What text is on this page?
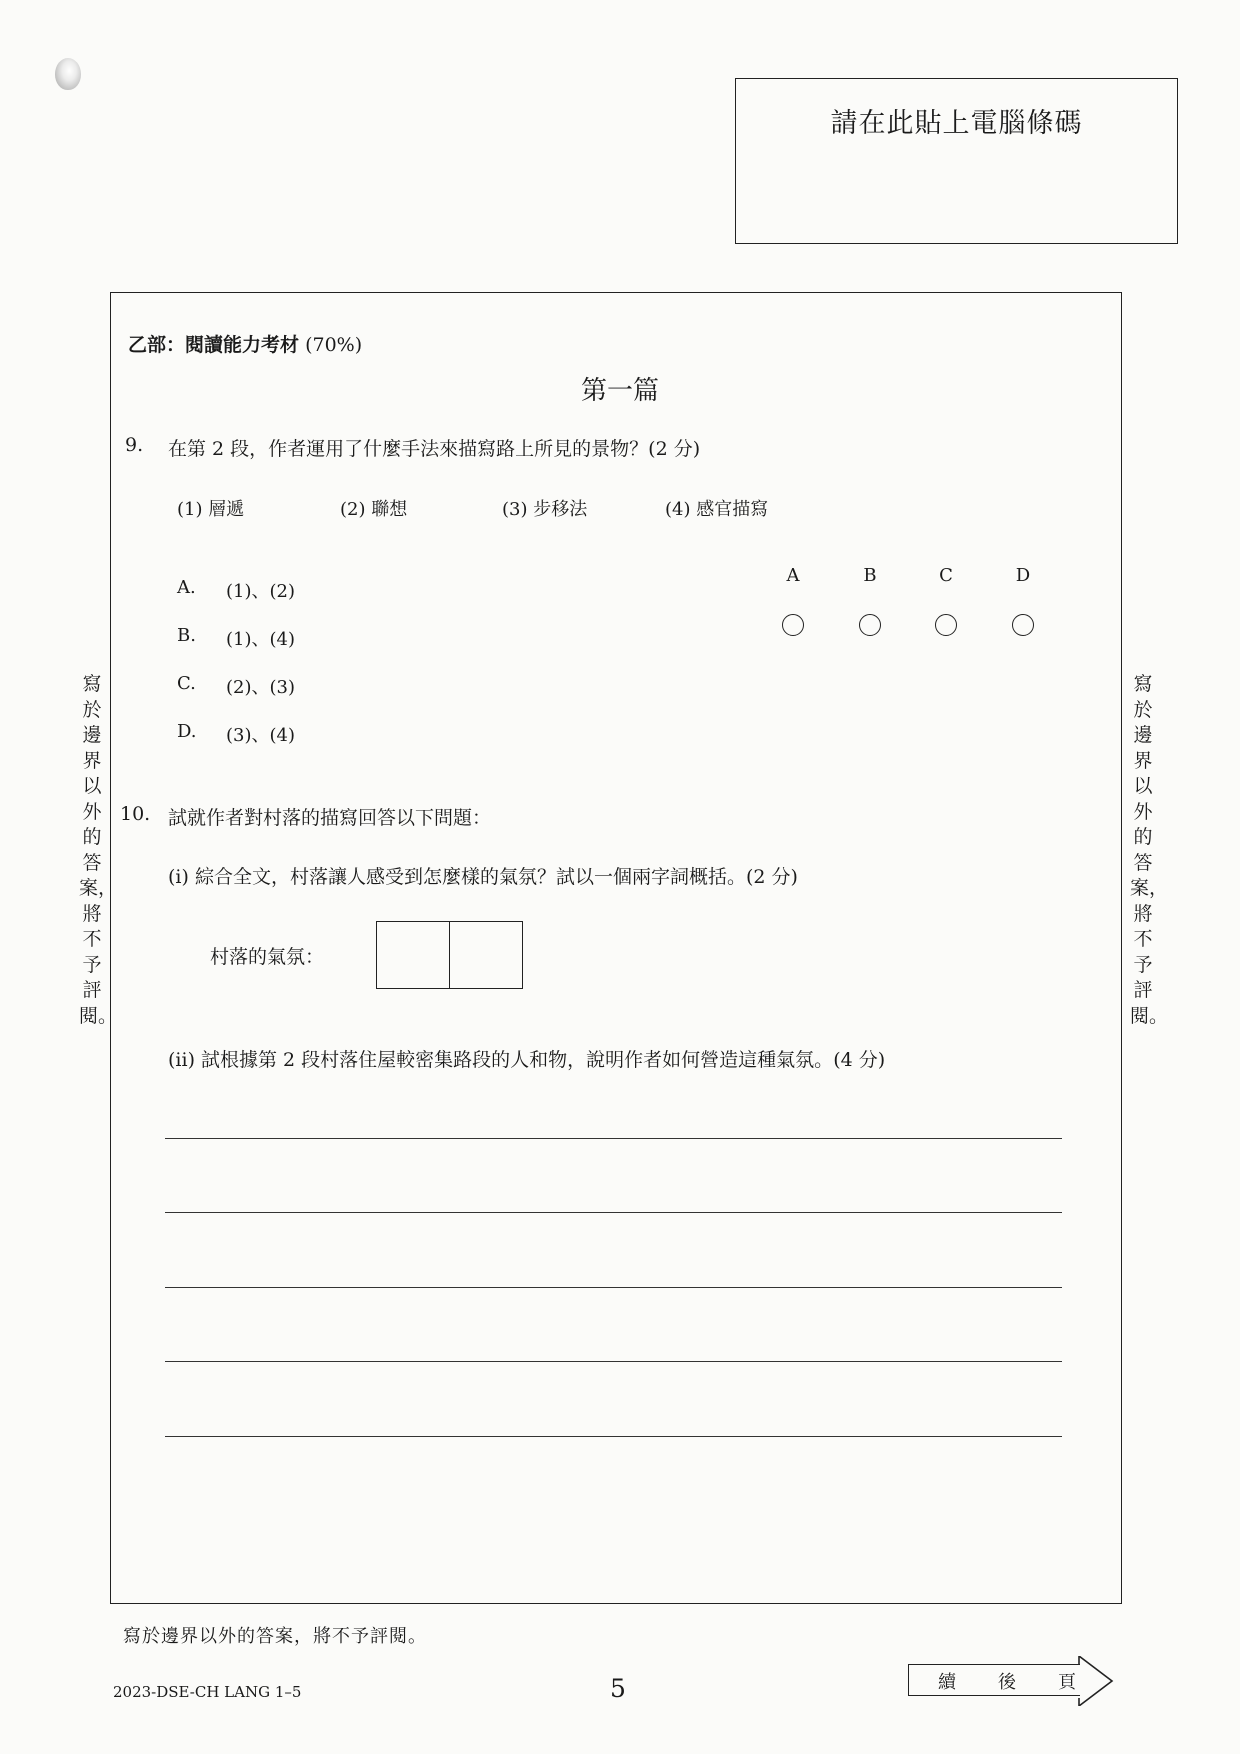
請在此貼上電腦條碼
乙部：閱讀能力考材 (70%)
第一篇
9. 在第 2 段，作者運用了什麼手法來描寫路上所見的景物？(2 分)
(1) 層遞	(2) 聯想	(3) 步移法	(4) 感官描寫
A. (1)、(2)
B. (1)、(4)
C. (2)、(3)
D. (3)、(4)
A	B	C	D
寫於邊界以外的答案，將不予評閱。
寫於邊界以外的答案，將不予評閱。
10. 試就作者對村落的描寫回答以下問題：
(i) 綜合全文，村落讓人感受到怎麼樣的氣氛？試以一個兩字詞概括。(2 分)
村落的氣氛：
(ii) 試根據第 2 段村落住屋較密集路段的人和物，說明作者如何營造這種氣氛。(4 分)
寫於邊界以外的答案，將不予評閱。
2023-DSE-CH LANG 1–5	5	續 後 頁
